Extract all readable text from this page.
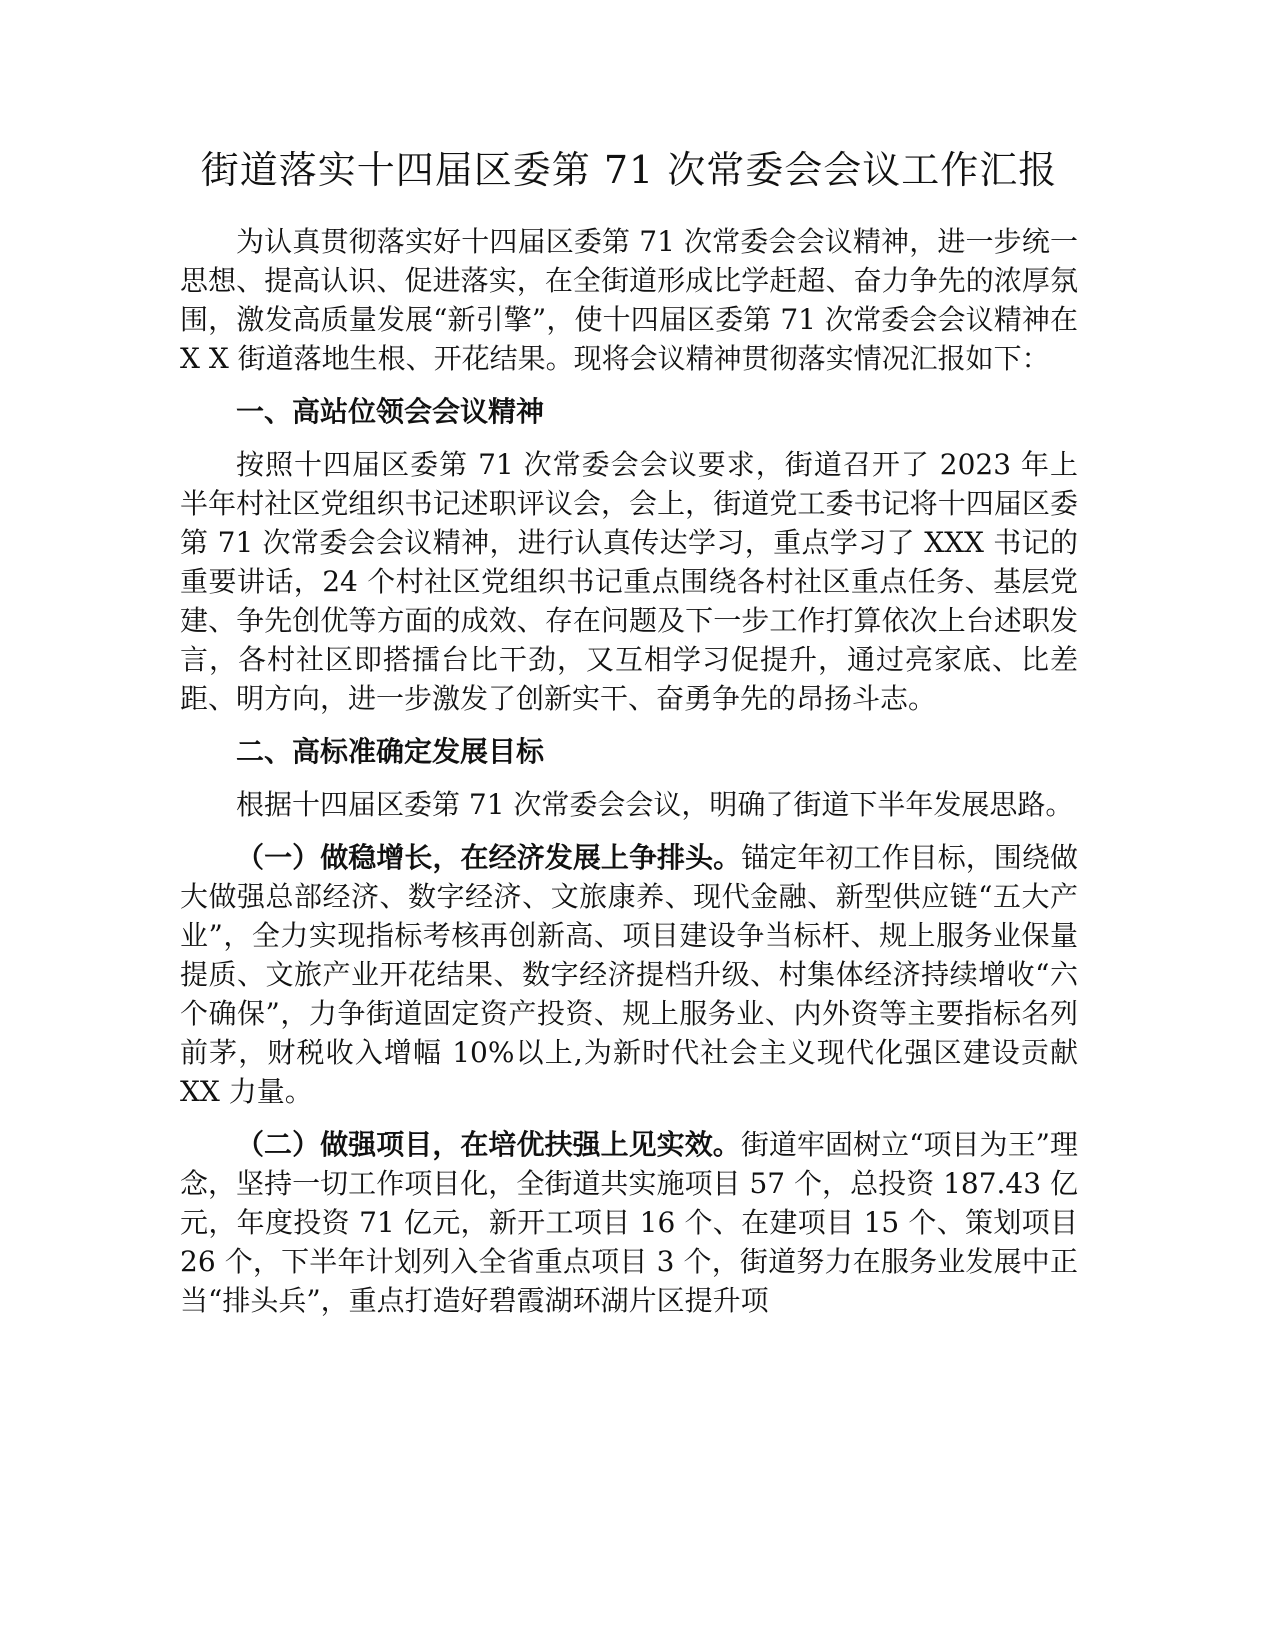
街道落实十四届区委第 71 次常委会会议工作汇报

为认真贯彻落实好十四届区委第 71 次常委会会议精神，进一步统一思想、提高认识、促进落实，在全街道形成比学赶超、奋力争先的浓厚氛围，激发高质量发展“新引擎”，使十四届区委第 71 次常委会会议精神在 X X 街道落地生根、开花结果。现将会议精神贯彻落实情况汇报如下：

一、高站位领会会议精神

按照十四届区委第 71 次常委会会议要求，街道召开了 2023 年上半年村社区党组织书记述职评议会，会上，街道党工委书记将十四届区委第 71 次常委会会议精神，进行认真传达学习，重点学习了 XXX 书记的重要讲话，24 个村社区党组织书记重点围绕各村社区重点任务、基层党建、争先创优等方面的成效、存在问题及下一步工作打算依次上台述职发言，各村社区即搭擂台比干劲，又互相学习促提升，通过亮家底、比差距、明方向，进一步激发了创新实干、奋勇争先的昂扬斗志。

二、高标准确定发展目标

根据十四届区委第 71 次常委会会议，明确了街道下半年发展思路。

（一）做稳增长，在经济发展上争排头。锚定年初工作目标，围绕做大做强总部经济、数字经济、文旅康养、现代金融、新型供应链“五大产业”，全力实现指标考核再创新高、项目建设争当标杆、规上服务业保量提质、文旅产业开花结果、数字经济提档升级、村集体经济持续增收“六个确保”，力争街道固定资产投资、规上服务业、内外资等主要指标名列前茅，财税收入增幅 10%以上,为新时代社会主义现代化强区建设贡献 XX 力量。

（二）做强项目，在培优扶强上见实效。街道牢固树立“项目为王”理念，坚持一切工作项目化，全街道共实施项目 57 个，总投资 187.43 亿元，年度投资 71 亿元，新开工项目 16 个、在建项目 15 个、策划项目 26 个，下半年计划列入全省重点项目 3 个，街道努力在服务业发展中正当“排头兵”，重点打造好碧霞湖环湖片区提升项
